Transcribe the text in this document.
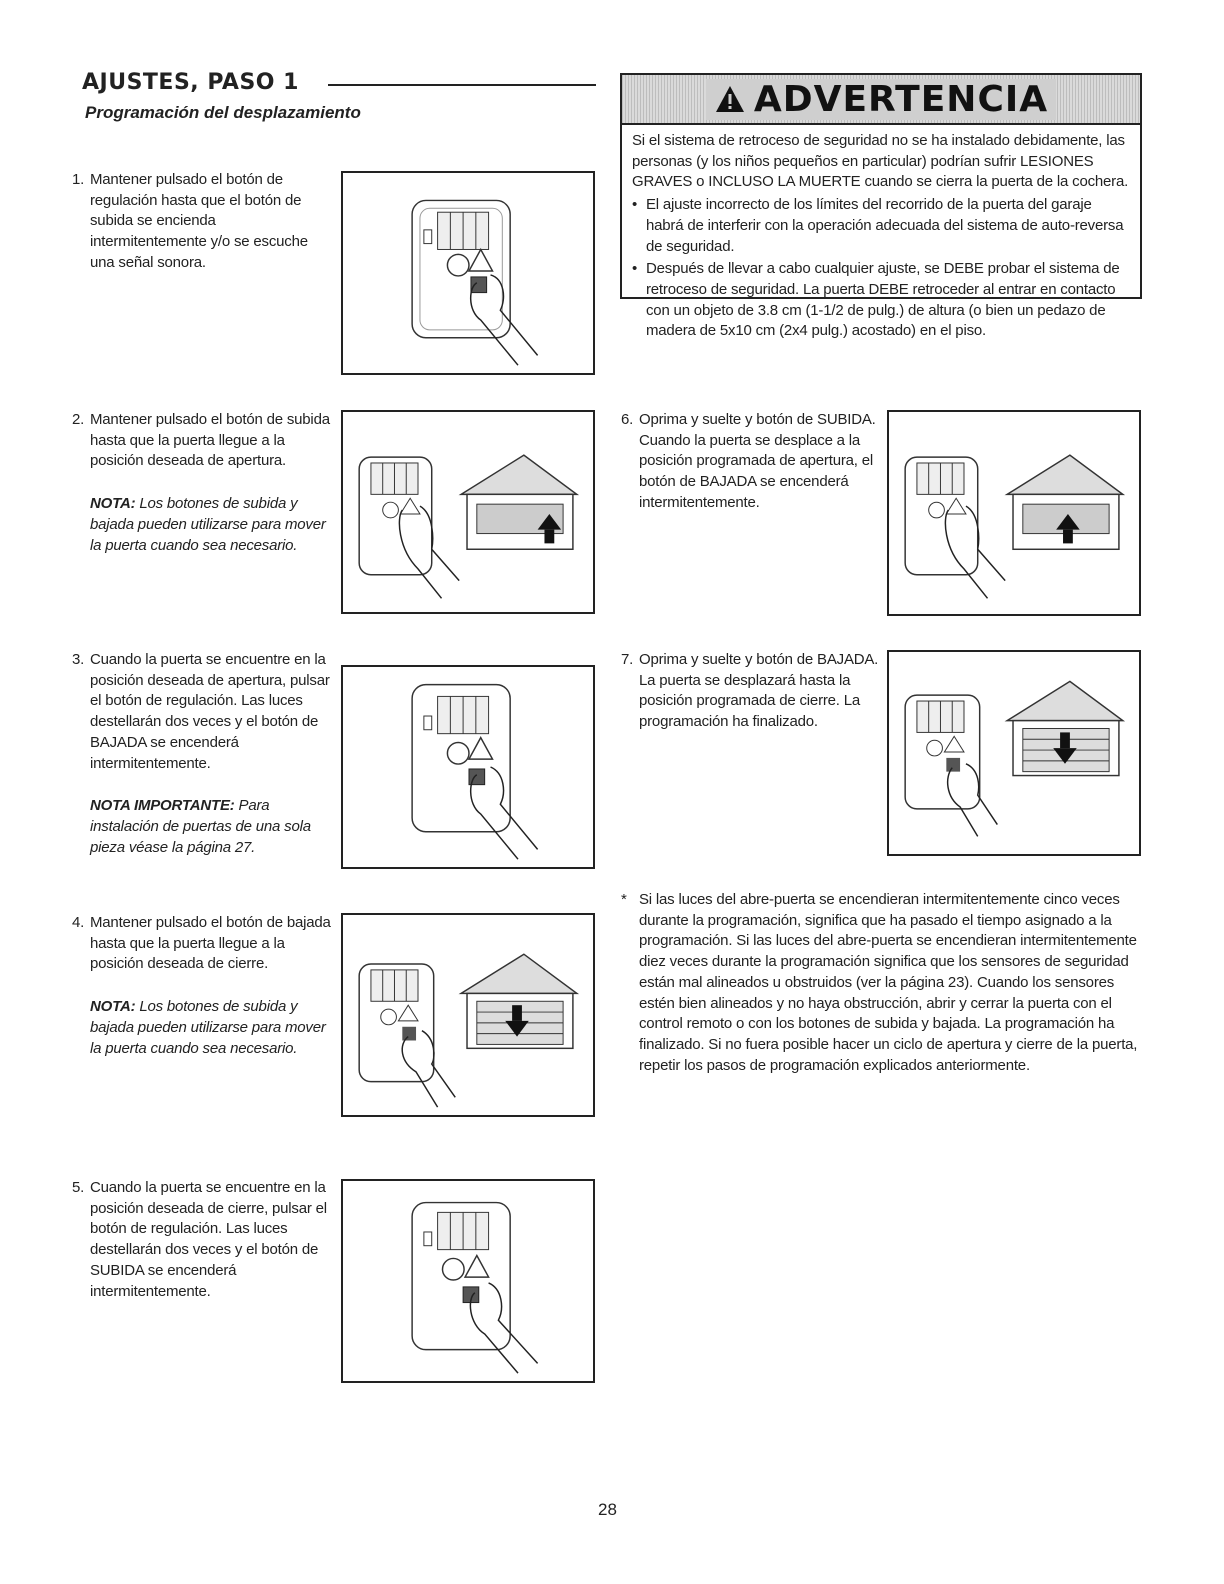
AJUSTES, PASO 1
Programación del desplazamiento	ADVERTENCIA
Si el sistema de retroceso de seguridad no se ha instalado debidamente, las personas (y los niños pequeños en particular) podrían sufrir LESIONES GRAVES o INCLUSO LA MUERTE cuando se cierra la puerta de la cochera.
• El ajuste incorrecto de los límites del recorrido de la puerta del garaje habrá de interferir con la operación adecuada del sistema de auto-reversa de seguridad.
• Después de llevar a cabo cualquier ajuste, se DEBE probar el sistema de retroceso de seguridad. La puerta DEBE retroceder al entrar en contacto con un objeto de 3.8 cm (1-1/2 de pulg.) de altura (o bien un pedazo de madera de 5x10 cm (2x4 pulg.) acostado) en el piso.
1. Mantener pulsado el botón de regulación hasta que el botón de subida se encienda intermitentemente y/o se escuche una señal sonora.
2. Mantener pulsado el botón de subida hasta que la puerta llegue a la posición deseada de apertura.
NOTA: Los botones de subida y bajada pueden utilizarse para mover la puerta cuando sea necesario.
3. Cuando la puerta se encuentre en la posición deseada de apertura, pulsar el botón de regulación. Las luces destellarán dos veces y el botón de BAJADA se encenderá intermitentemente.
NOTA IMPORTANTE: Para instalación de puertas de una sola pieza véase la página 27.
4. Mantener pulsado el botón de bajada hasta que la puerta llegue a la posición deseada de cierre.
NOTA: Los botones de subida y bajada pueden utilizarse para mover la puerta cuando sea necesario.
5. Cuando la puerta se encuentre en la posición deseada de cierre, pulsar el botón de regulación. Las luces destellarán dos veces y el botón de SUBIDA se encenderá intermitentemente.
6. Oprima y suelte y botón de SUBIDA. Cuando la puerta se desplace a la posición programada de apertura, el botón de BAJADA se encenderá intermitentemente.
7. Oprima y suelte y botón de BAJADA. La puerta se desplazará hasta la posición programada de cierre. La programación ha finalizado.
* Si las luces del abre-puerta se encendieran intermitentemente cinco veces durante la programación, significa que ha pasado el tiempo asignado a la programación. Si las luces del abre-puerta se encendieran intermitentemente diez veces durante la programación significa que los sensores de seguridad están mal alineados u obstruidos (ver la página 23). Cuando los sensores estén bien alineados y no haya obstrucción, abrir y cerrar la puerta con el control remoto o con los botones de subida y bajada. La programación ha finalizado. Si no fuera posible hacer un ciclo de apertura y cierre de la puerta, repetir los pasos de programación explicados anteriormente.
28
